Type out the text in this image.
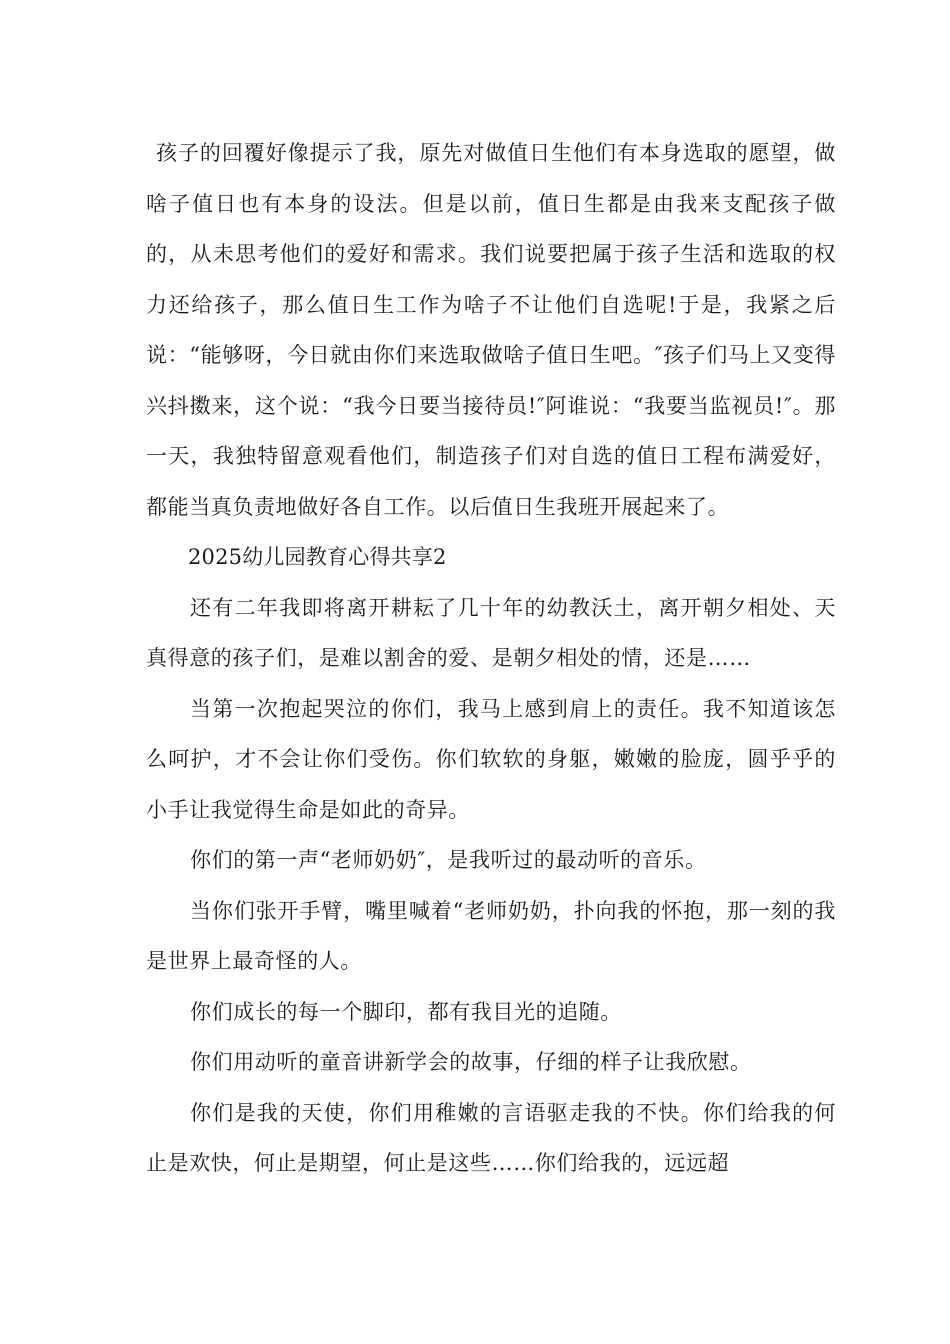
孩子的回覆好像提示了我，原先对做值日生他们有本身选取的愿望，做啥子值日也有本身的设法。但是以前，值日生都是由我来支配孩子做的，从未思考他们的爱好和需求。我们说要把属于孩子生活和选取的权力还给孩子，那么值日生工作为啥子不让他们自选呢!于是，我紧之后说：“能够呀，今日就由你们来选取做啥子值日生吧。″孩子们马上又变得兴抖擞来，这个说：“我今日要当接待员!″阿谁说：“我要当监视员!″。那一天，我独特留意观看他们，制造孩子们对自选的值日工程布满爱好，都能当真负责地做好各自工作。以后值日生我班开展起来了。

2025幼儿园教育心得共享2

还有二年我即将离开耕耘了几十年的幼教沃土，离开朝夕相处、天真得意的孩子们，是难以割舍的爱、是朝夕相处的情，还是……

当第一次抱起哭泣的你们，我马上感到肩上的责任。我不知道该怎么呵护，才不会让你们受伤。你们软软的身躯，嫩嫩的脸庞，圆乎乎的小手让我觉得生命是如此的奇异。

你们的第一声“老师奶奶″，是我听过的最动听的音乐。

当你们张开手臂，嘴里喊着“老师奶奶，扑向我的怀抱，那一刻的我是世界上最奇怪的人。

你们成长的每一个脚印，都有我目光的追随。

你们用动听的童音讲新学会的故事，仔细的样子让我欣慰。

你们是我的天使，你们用稚嫩的言语驱走我的不快。你们给我的何止是欢快，何止是期望，何止是这些……你们给我的，远远超
